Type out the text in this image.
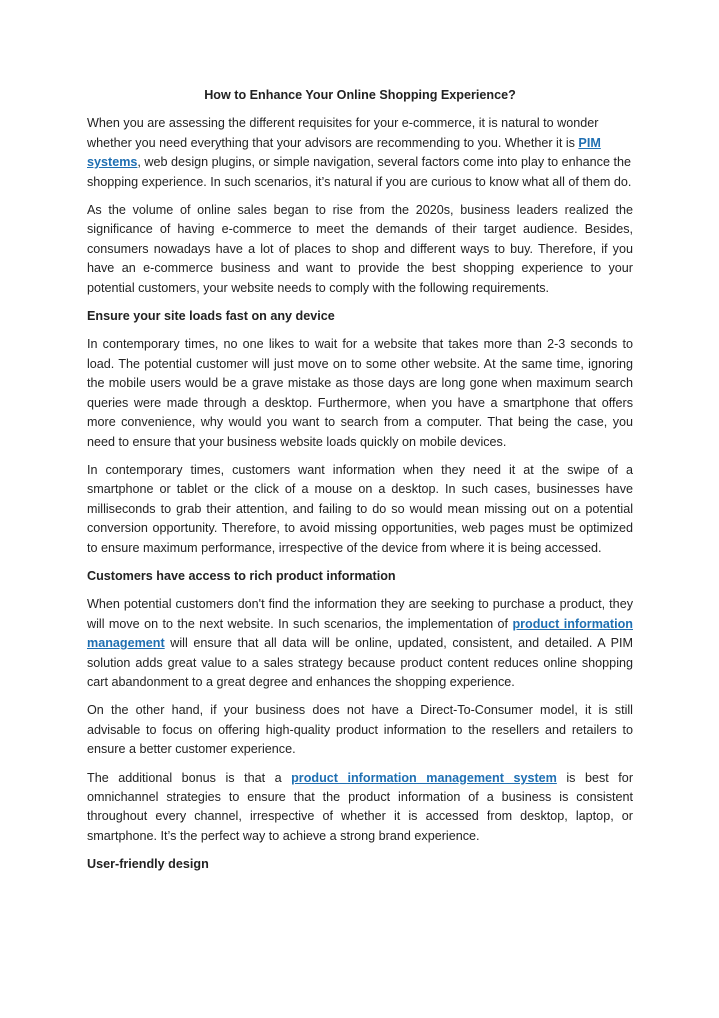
How to Enhance Your Online Shopping Experience?

When you are assessing the different requisites for your e-commerce, it is natural to wonder whether you need everything that your advisors are recommending to you. Whether it is PIM systems, web design plugins, or simple navigation, several factors come into play to enhance the shopping experience. In such scenarios, it’s natural if you are curious to know what all of them do.

As the volume of online sales began to rise from the 2020s, business leaders realized the significance of having e-commerce to meet the demands of their target audience. Besides, consumers nowadays have a lot of places to shop and different ways to buy. Therefore, if you have an e-commerce business and want to provide the best shopping experience to your potential customers, your website needs to comply with the following requirements.

Ensure your site loads fast on any device

In contemporary times, no one likes to wait for a website that takes more than 2-3 seconds to load. The potential customer will just move on to some other website. At the same time, ignoring the mobile users would be a grave mistake as those days are long gone when maximum search queries were made through a desktop. Furthermore, when you have a smartphone that offers more convenience, why would you want to search from a computer. That being the case, you need to ensure that your business website loads quickly on mobile devices.

In contemporary times, customers want information when they need it at the swipe of a smartphone or tablet or the click of a mouse on a desktop. In such cases, businesses have milliseconds to grab their attention, and failing to do so would mean missing out on a potential conversion opportunity. Therefore, to avoid missing opportunities, web pages must be optimized to ensure maximum performance, irrespective of the device from where it is being accessed.

Customers have access to rich product information

When potential customers don't find the information they are seeking to purchase a product, they will move on to the next website. In such scenarios, the implementation of product information management will ensure that all data will be online, updated, consistent, and detailed. A PIM solution adds great value to a sales strategy because product content reduces online shopping cart abandonment to a great degree and enhances the shopping experience.

On the other hand, if your business does not have a Direct-To-Consumer model, it is still advisable to focus on offering high-quality product information to the resellers and retailers to ensure a better customer experience.

The additional bonus is that a product information management system is best for omnichannel strategies to ensure that the product information of a business is consistent throughout every channel, irrespective of whether it is accessed from desktop, laptop, or smartphone. It’s the perfect way to achieve a strong brand experience.

User-friendly design
